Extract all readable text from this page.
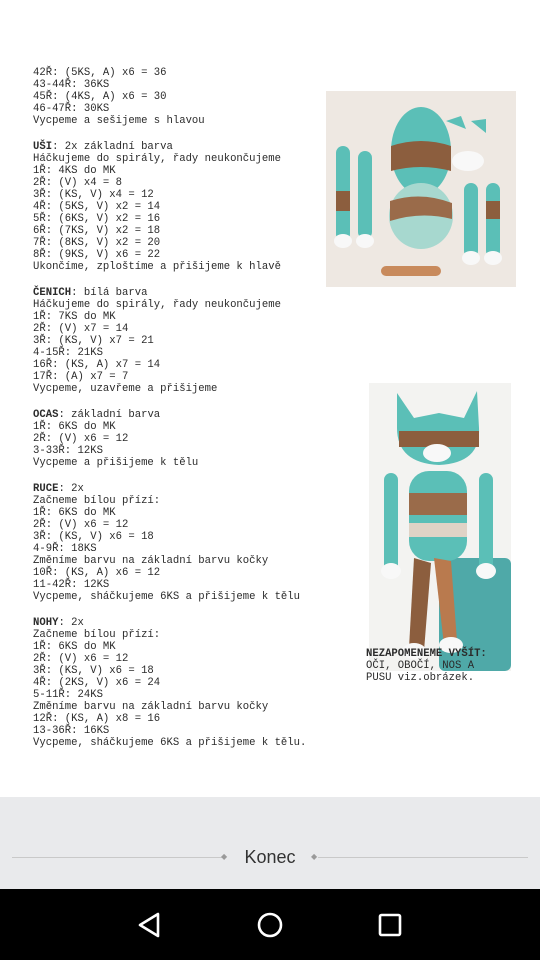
42Ř: (5KS, A) x6 = 36
43-44Ř: 36KS
45Ř: (4KS, A) x6 = 30
46-47Ř: 30KS
Vycpeme a sešijeme s hlavou
UŠI: 2x základní barva
Háčkujeme do spirály, řady neukončujeme
1Ř: 4KS do MK
2Ř: (V) x4 = 8
3Ř: (KS, V) x4 = 12
4Ř: (5KS, V) x2 = 14
5Ř: (6KS, V) x2 = 16
6Ř: (7KS, V) x2 = 18
7Ř: (8KS, V) x2 = 20
8Ř: (9KS, V) x6 = 22
Ukončíme, zploštíme a přišijeme k hlavě
ČENICH: bílá barva
Háčkujeme do spirály, řady neukončujeme
1Ř: 7KS do MK
2Ř: (V) x7 = 14
3Ř: (KS, V) x7 = 21
4-15Ř: 21KS
16Ř: (KS, A) x7 = 14
17Ř: (A) x7 = 7
Vycpeme, uzavřeme a přišijeme
OCAS: základní barva
1Ř: 6KS do MK
2Ř: (V) x6 = 12
3-33Ř: 12KS
Vycpeme a přišijeme k tělu
RUCE: 2x
Začneme bílou přízí:
1Ř: 6KS do MK
2Ř: (V) x6 = 12
3Ř: (KS, V) x6 = 18
4-9Ř: 18KS
Změníme barvu na základní barvu kočky
10Ř: (KS, A) x6 = 12
11-42Ř: 12KS
Vycpeme, sháčkujeme 6KS a přišijeme k tělu
NOHY: 2x
Začneme bílou přízí:
1Ř: 6KS do MK
2Ř: (V) x6 = 12
3Ř: (KS, V) x6 = 18
4Ř: (2KS, V) x6 = 24
5-11Ř: 24KS
Změníme barvu na základní barvu kočky
12Ř: (KS, A) x8 = 16
13-36Ř: 16KS
Vycpeme, sháčkujeme 6KS a přišijeme k tělu.
NEZAPOMENEME VYŠÍT:
OČI, OBOČÍ, NOS A
PUSU viz.obrázek.
◆ Konec	◆
